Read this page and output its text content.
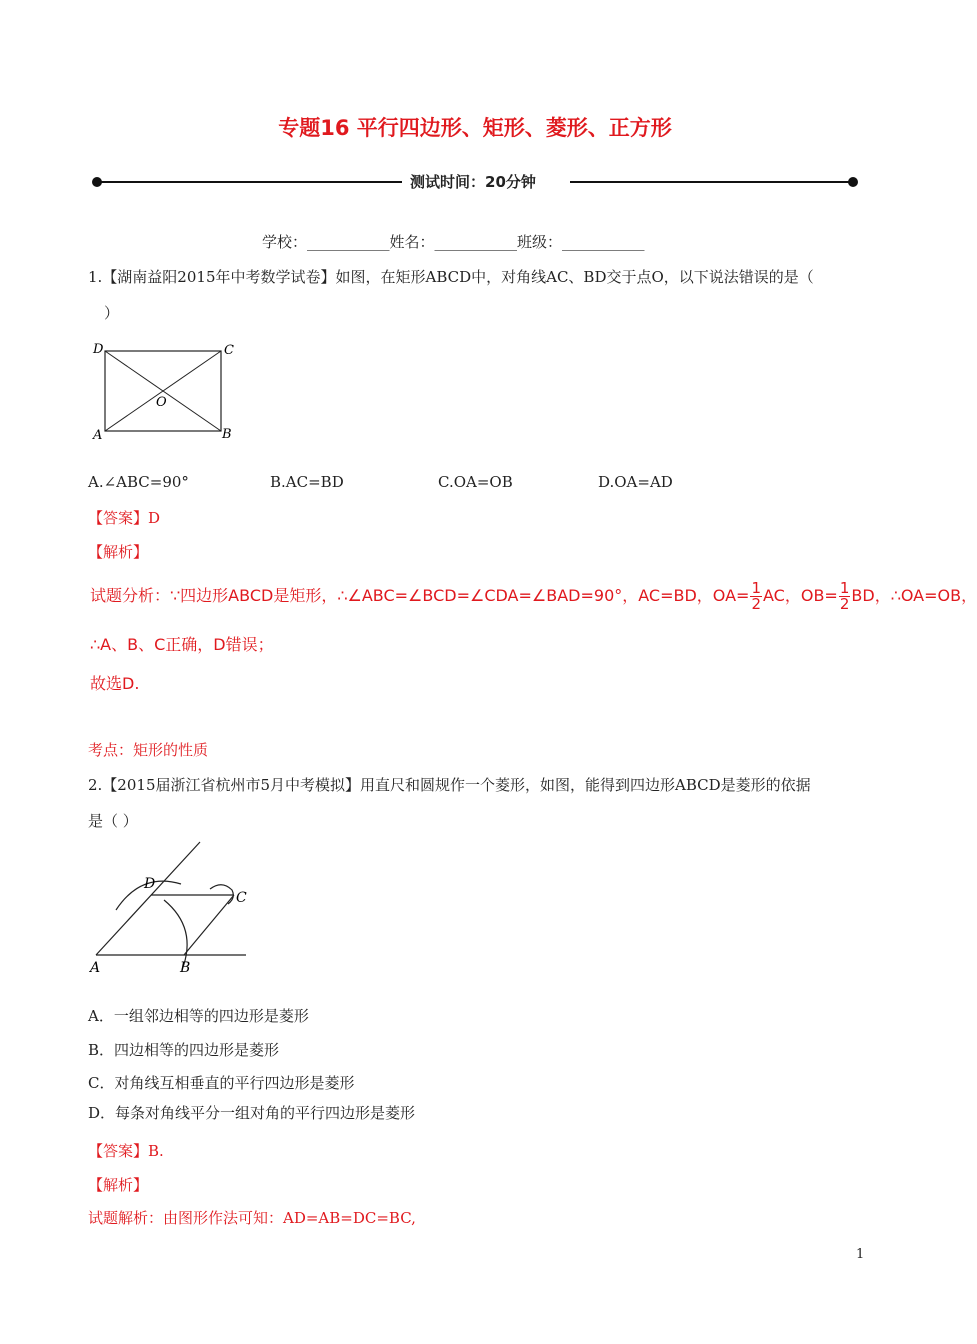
专题16 平行四边形、矩形、菱形、正方形
测试时间：20分钟
学校：___________姓名：___________班级：___________
1.【湖南益阳2015年中考数学试卷】如图，在矩形ABCD中，对角线AC、BD交于点O，以下说法错误的是（
）
D	C
O
A	B
A.∠ABC=90°	B.AC=BD	C.OA=OB	D.OA=AD
【答案】D
【解析】
试题分析：∵四边形ABCD是矩形，∴∠ABC=∠BCD=∠CDA=∠BAD=90°，AC=BD，$OA= \frac{1}{2}$ AC，$OB= \frac{1}{2}$ BD，∴OA=OB，
∴A、B、C正确，D错误；
故选D.
考点：矩形的性质
2.【2015届浙江省杭州市5月中考模拟】用直尺和圆规作一个菱形，如图，能得到四边形ABCD是菱形的依据
是（ ）
D
C
A	B
A．一组邻边相等的四边形是菱形
B．四边相等的四边形是菱形
C．对角线互相垂直的平行四边形是菱形
D．每条对角线平分一组对角的平行四边形是菱形
【答案】B.
【解析】
试题解析：由图形作法可知：AD=AB=DC=BC,
1
